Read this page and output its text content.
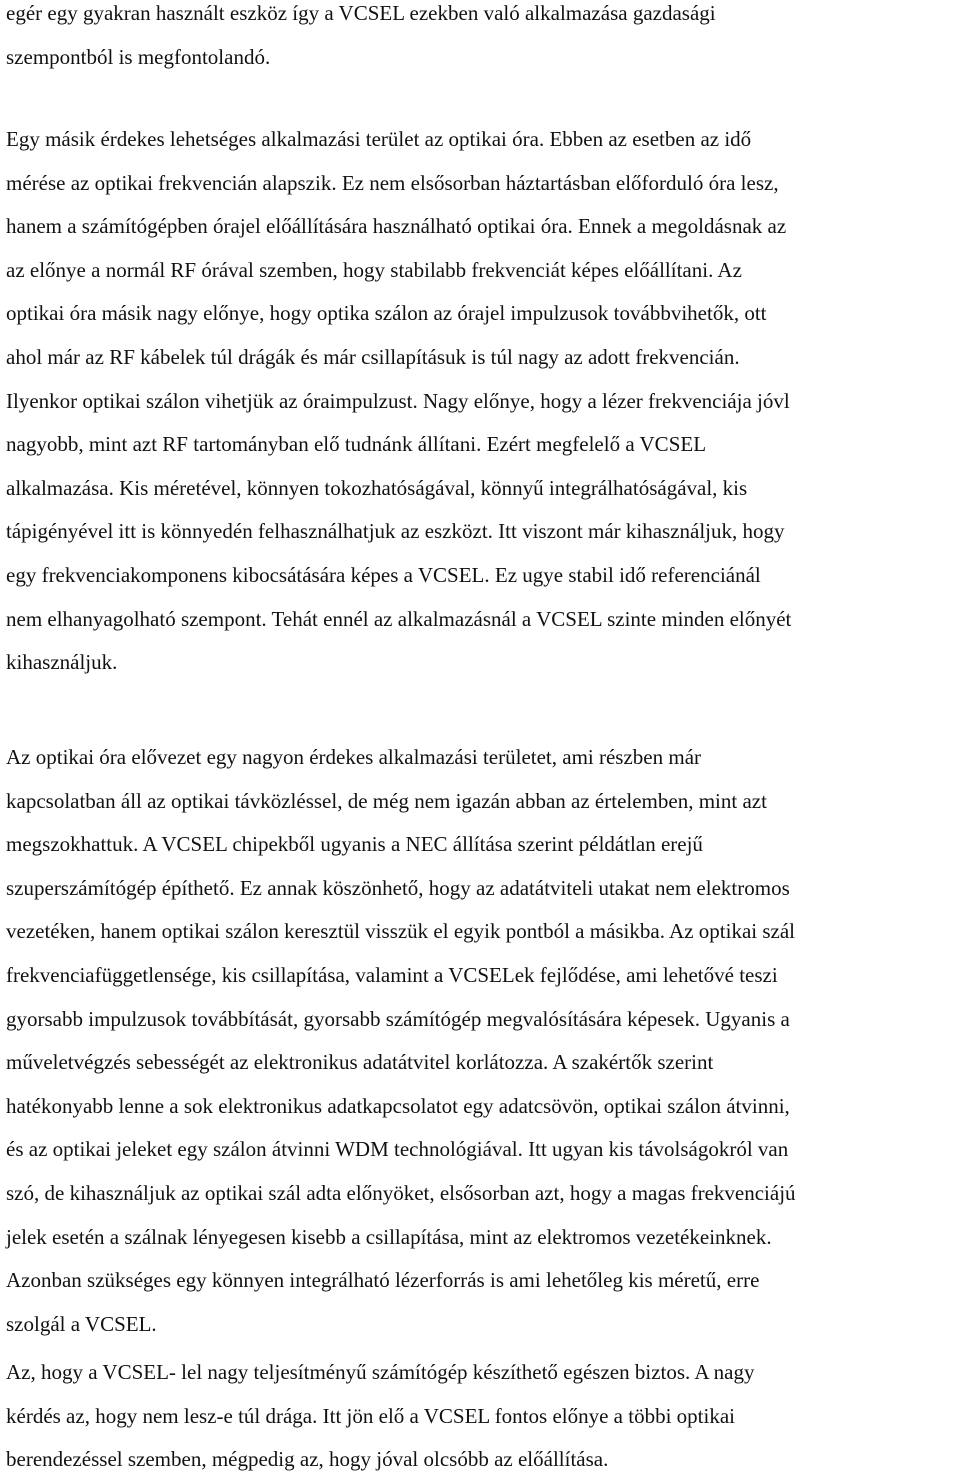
egér egy gyakran használt eszköz így a VCSEL ezekben való alkalmazása gazdasági
szempontból is megfontolandó.
Egy másik érdekes lehetséges alkalmazási terület az optikai óra. Ebben az esetben az idő
mérése az optikai frekvencián alapszik. Ez nem elsősorban háztartásban előforduló óra lesz,
hanem a számítógépben órajel előállítására használható optikai óra. Ennek a megoldásnak az
az előnye a normál RF órával szemben, hogy stabilabb frekvenciát képes előállítani. Az
optikai óra másik nagy előnye, hogy optika szálon az órajel impulzusok továbbvihetők, ott
ahol már az RF kábelek túl drágák és már csillapításuk is túl nagy az adott frekvencián.
Ilyenkor optikai szálon vihetjük az óraimpulzust. Nagy előnye, hogy a lézer frekvenciája jóvl
nagyobb, mint azt RF tartományban elő tudnánk állítani. Ezért megfelelő a VCSEL
alkalmazása. Kis méretével, könnyen tokozhatóságával, könnyű integrálhatóságával, kis
tápigényével itt is könnyedén felhasználhatjuk az eszközt. Itt viszont már kihasználjuk, hogy
egy frekvenciakomponens kibocsátására képes a VCSEL. Ez ugye stabil idő referenciánál
nem elhanyagolható szempont. Tehát ennél az alkalmazásnál a VCSEL szinte minden előnyét
kihasználjuk.
Az optikai óra elővezet egy nagyon érdekes alkalmazási területet, ami részben már
kapcsolatban áll az optikai távközléssel, de még nem igazán abban az értelemben, mint azt
megszokhattuk. A VCSEL chipekből ugyanis a NEC állítása szerint példátlan erejű
szuperszámítógép építhető. Ez annak köszönhető, hogy az adatátviteli utakat nem elektromos
vezetéken, hanem optikai szálon keresztül visszük el egyik pontból a másikba. Az optikai szál
frekvenciafüggetlensége, kis csillapítása, valamint a VCSELek fejlődése, ami lehetővé teszi
gyorsabb impulzusok továbbítását, gyorsabb számítógép megvalósítására képesek. Ugyanis a
műveletvégzés sebességét az elektronikus adatátvitel korlátozza. A szakértők szerint
hatékonyabb lenne a sok elektronikus adatkapcsolatot egy adatcsövön, optikai szálon átvinni,
és az optikai jeleket egy szálon átvinni WDM technológiával. Itt ugyan kis távolságokról van
szó, de kihasználjuk az optikai szál adta előnyöket, elsősorban azt, hogy a magas frekvenciájú
jelek esetén a szálnak lényegesen kisebb a csillapítása, mint az elektromos vezetékeinknek.
Azonban szükséges egy könnyen integrálható lézerforrás is ami lehetőleg kis méretű, erre
szolgál a VCSEL.
Az, hogy a VCSEL- lel nagy teljesítményű számítógép készíthető egészen biztos. A nagy
kérdés az, hogy nem lesz-e túl drága. Itt jön elő a VCSEL fontos előnye a többi optikai
berendezéssel szemben, mégpedig az, hogy jóval olcsóbb az előállítása.
